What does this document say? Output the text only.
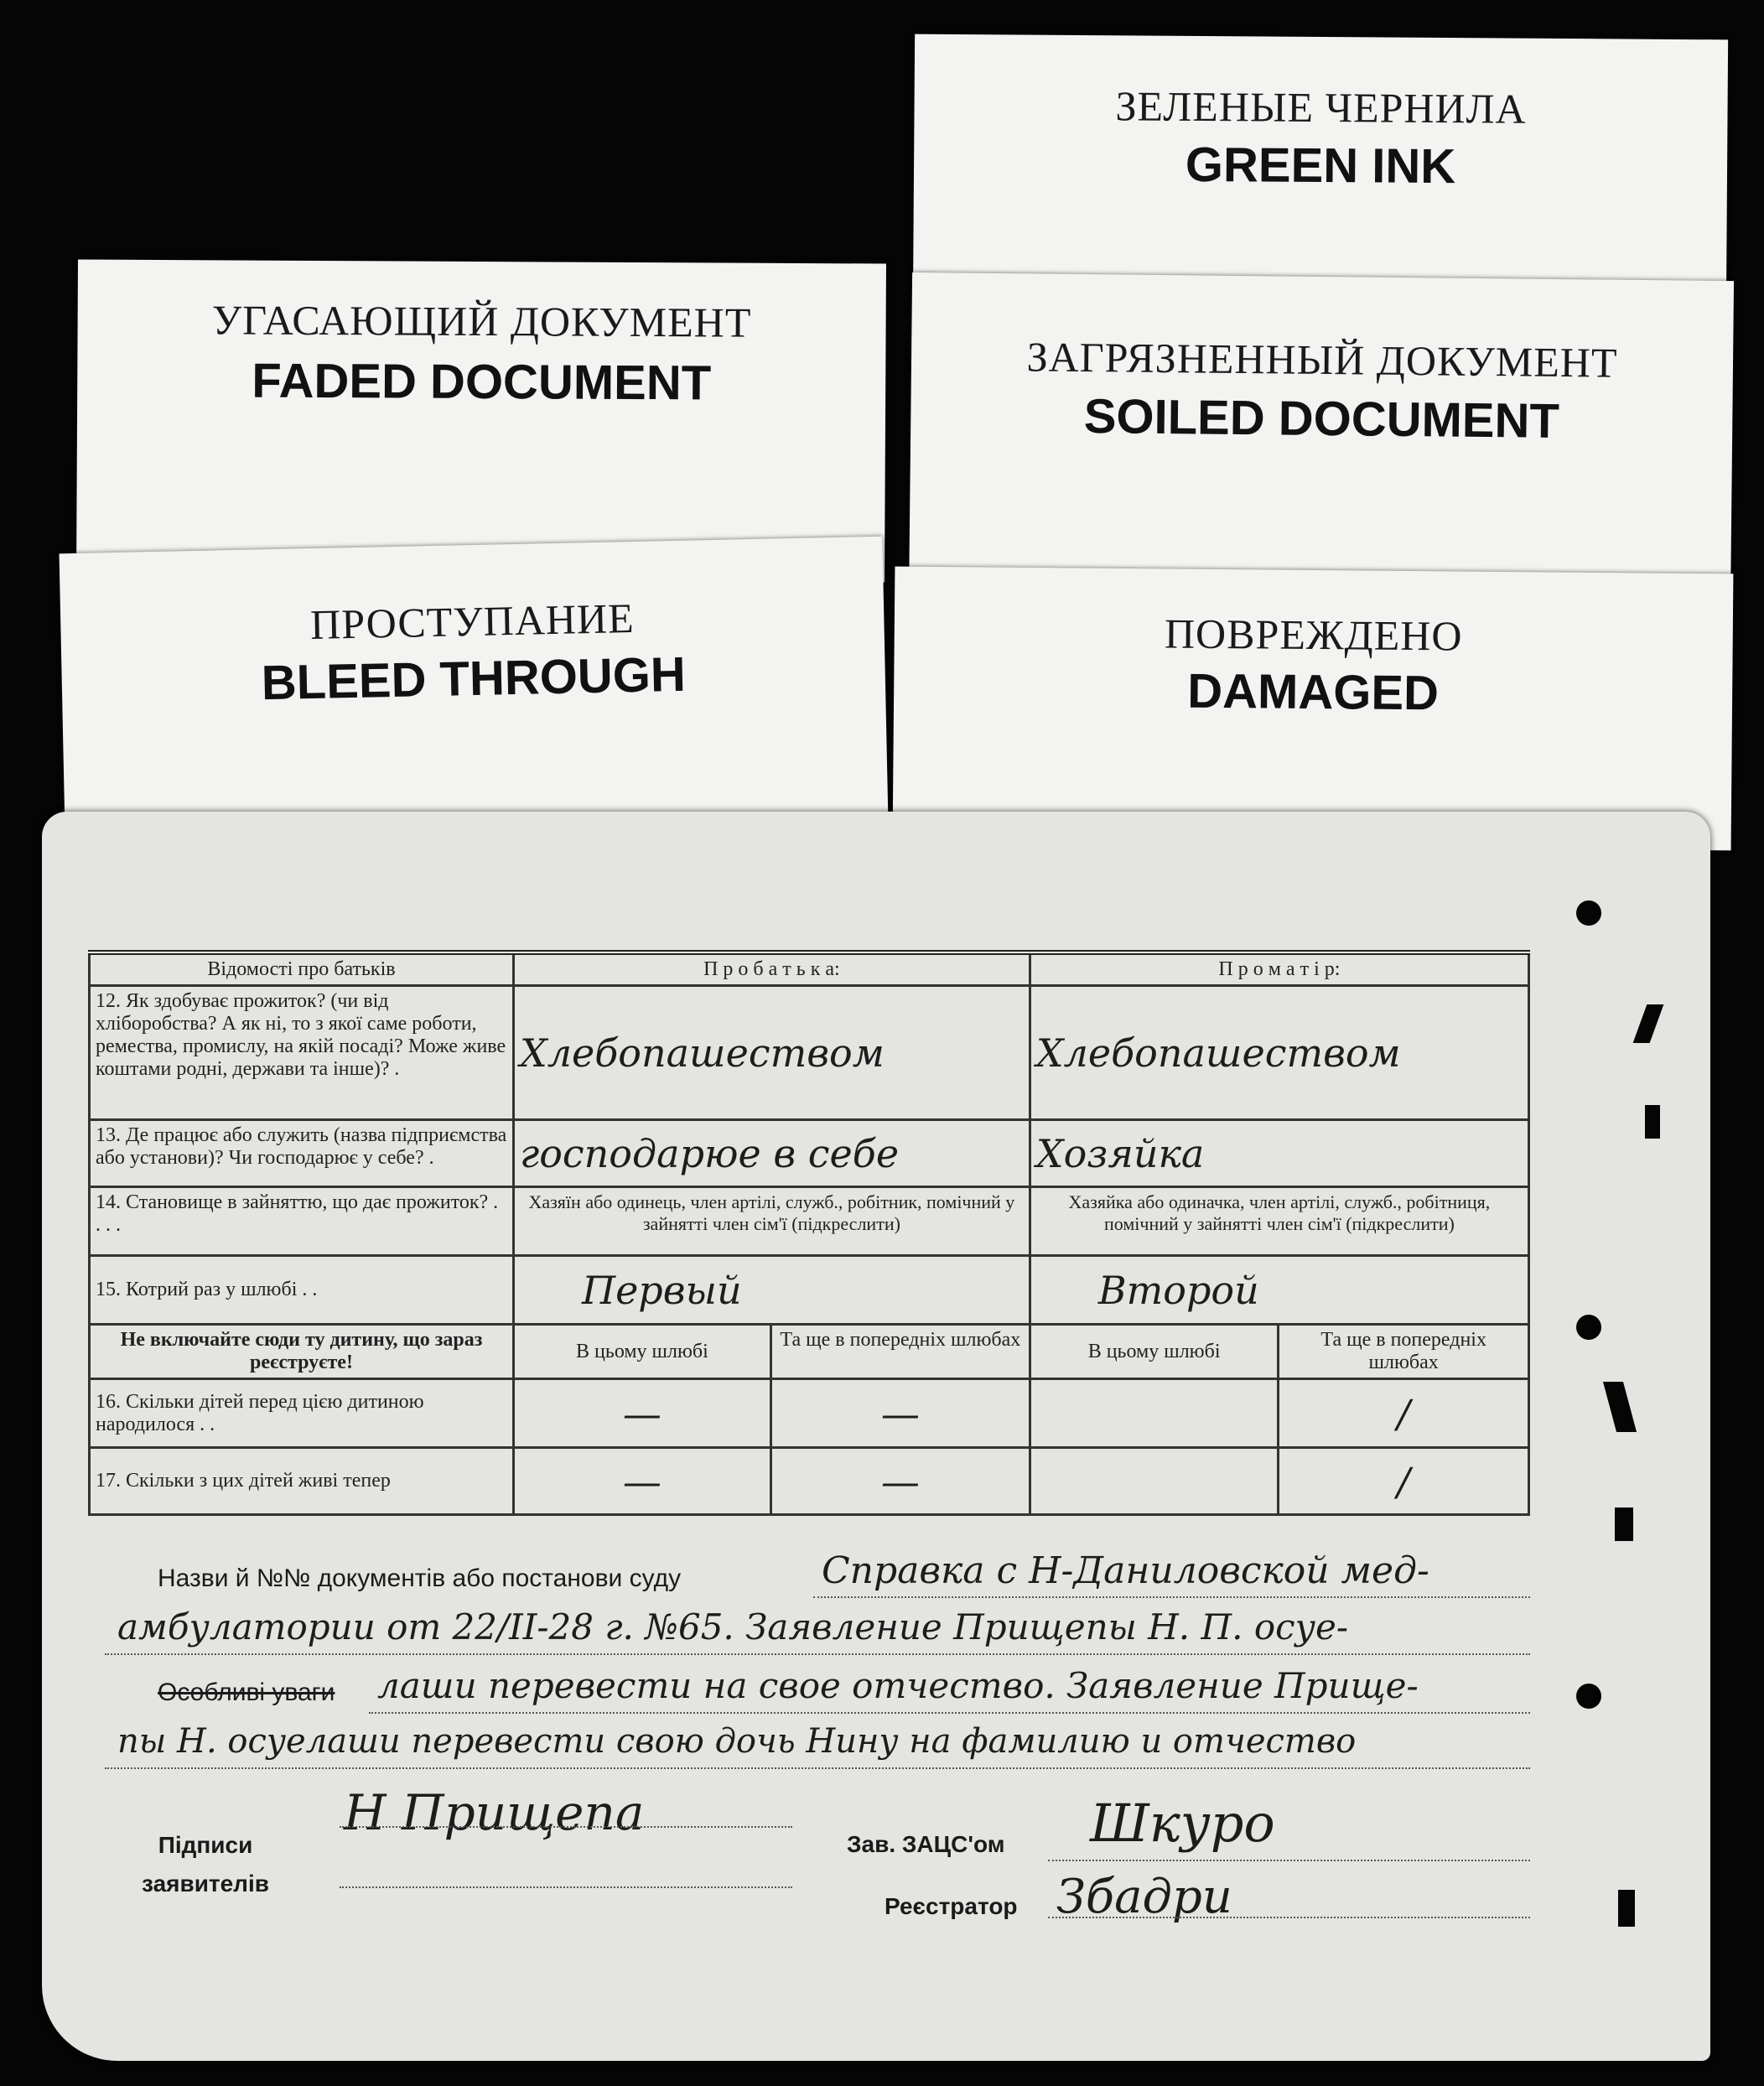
ЗЕЛЕНЫЕ ЧЕРНИЛА
GREEN INK
УГАСАЮЩИЙ ДОКУМЕНТ
FADED DOCUMENT	ЗАГРЯЗНЕННЫЙ ДОКУМЕНТ
SOILED DOCUMENT
ПРОСТУПАНИЕ
BLEED THROUGH
ПОВРЕЖДЕНО
DAMAGED
Відомості про батьків	П р о б а т ь к а:		П р о м а т і р:	
12. Як здобуває прожиток? (чи від хліборобства? А як ні, то з якої саме роботи, ремества, промислу, на якій посаді? Може живе коштами родні, держави та інше)? .	Хлебопашеством		Хлебопашеством	
13. Де працює або служить (назва підприємства або установи)? Чи господарює у себе? .	господарюе в себе		Хозяйка	
14. Становище в зайняттю, що дає прожиток? . . . .	Хазяїн або одинець, член артілі, служб., робітник, помічний у зайнятті член сім'ї (підкреслити)		Хазяйка або одиначка, член артілі, служб., робітниця, помічний у зайнятті член сім'ї (підкреслити)	
15. Котрий раз у шлюбі . .	Первый		Второй	
Не включайте сюди ту дитину, що зараз реєструєте!	В цьому шлюбі	Та ще в попередніх шлюбах	В цьому шлюбі	Та ще в попередніх шлюбах
16. Скільки дітей перед цією дитиною народилося . .	—	—		/
17. Скільки з цих дітей живі тепер	—	—		/
Назви й №№ документів або постанови суду	Справка с Н-Даниловской мед-
амбулатории от 22/II-28 г. №65. Заявление Прищепы Н. П. осуе-
Особливі уваги лаши перевести на свое отчество. Заявление Прище-
пы Н. осуелаши перевести свою дочь Нину на фамилию и отчество
Підписи заявителів
Н Прищепа
Зав. ЗАЦС'ом Шкуро
Реєстратор Збадри
